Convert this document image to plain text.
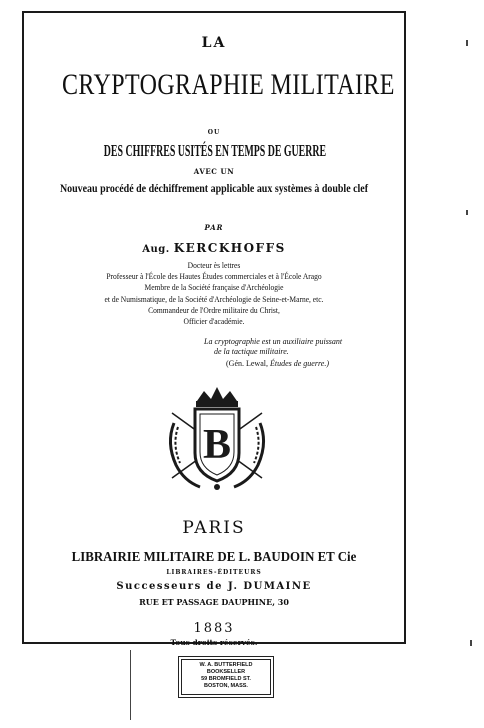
LA
CRYPTOGRAPHIE MILITAIRE
OU
DES CHIFFRES USITÉS EN TEMPS DE GUERRE
AVEC UN
Nouveau procédé de déchiffrement applicable aux systèmes à double clef
PAR
Aug. KERCKHOFFS
Docteur ès lettres
Professeur à l'École des Hautes Études commerciales et à l'École Arago
Membre de la Société française d'Archéologie
et de Numismatique, de la Société d'Archéologie de Seine-et-Marne, etc.
Commandeur de l'Ordre militaire du Christ,
Officier d'académie.
La cryptographie est un auxiliaire puissant
de la tactique militaire.
(Gén. Lewal, Études de guerre.)
B
PARIS
LIBRAIRIE MILITAIRE DE L. BAUDOIN ET Cie
LIBRAIRES-ÉDITEURS
Successeurs de J. DUMAINE
RUE ET PASSAGE DAUPHINE, 30
1883
Tous droits réservés.
W. A. BUTTERFIELD
BOOKSELLER
59 BROMFIELD ST.
BOSTON, MASS.
